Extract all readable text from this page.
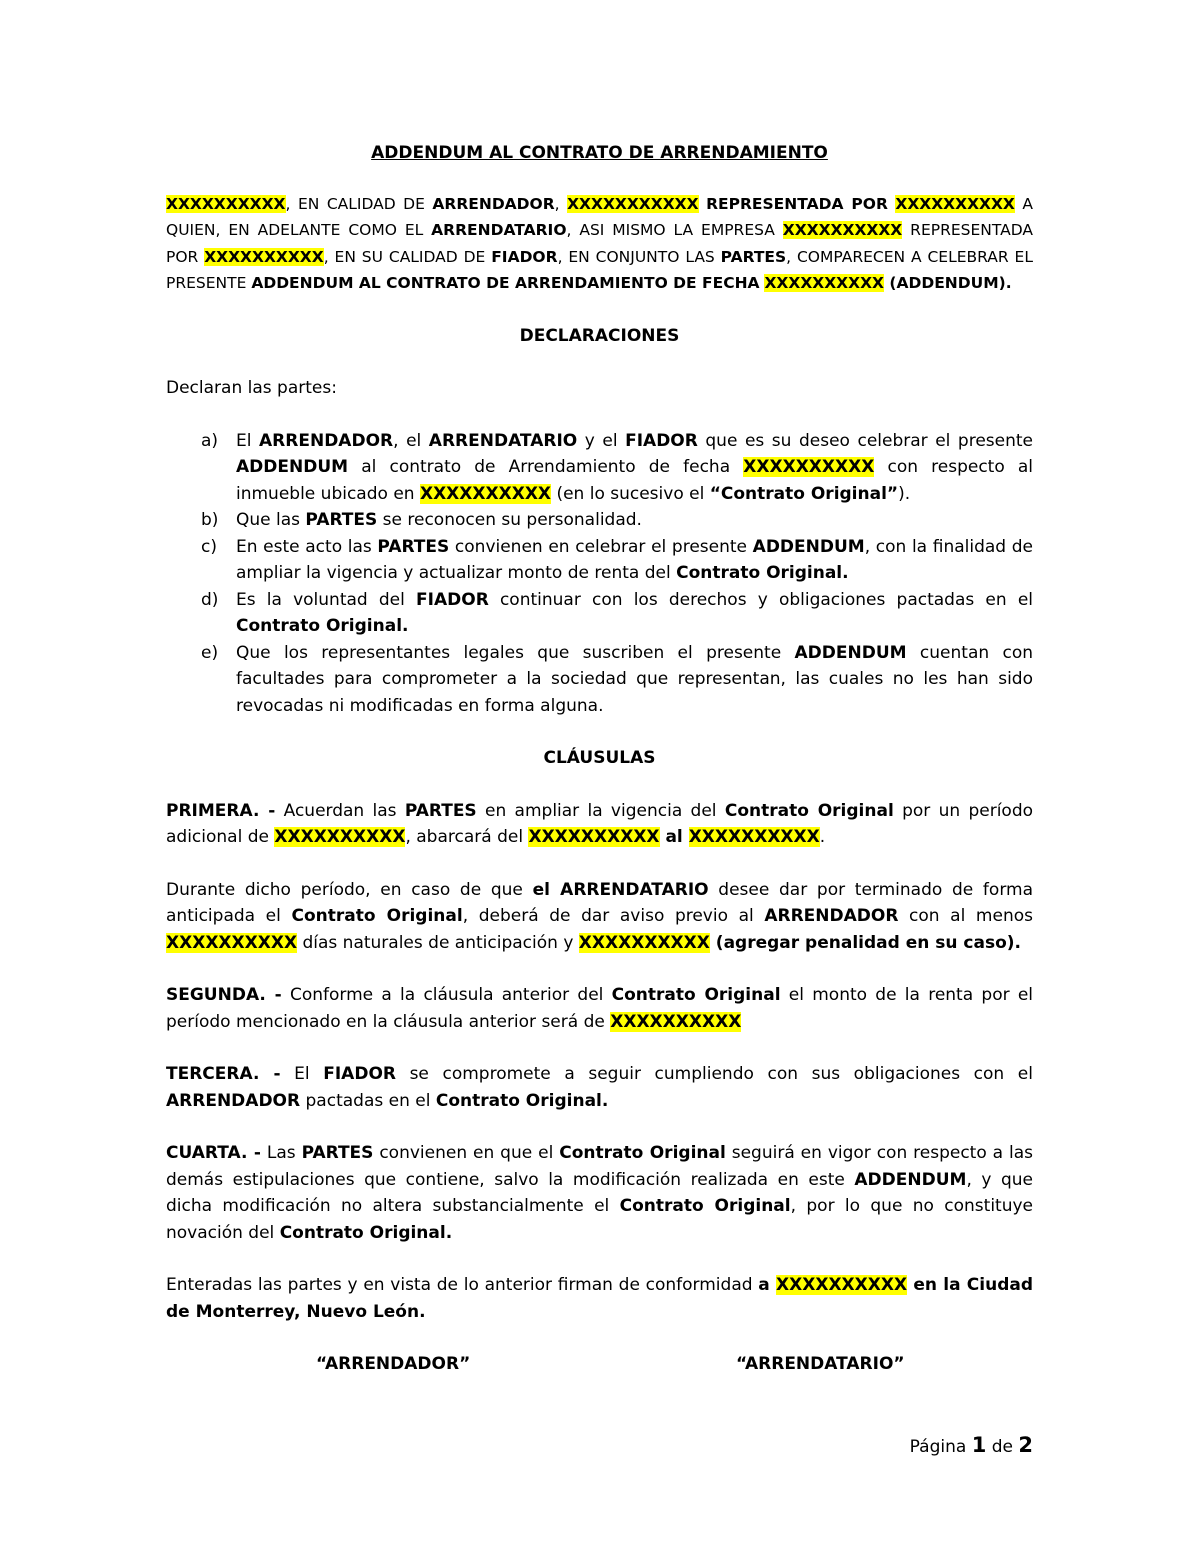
ADDENDUM AL CONTRATO DE ARRENDAMIENTO

XXXXXXXXXX, EN CALIDAD DE ARRENDADOR, XXXXXXXXXXX REPRESENTADA POR XXXXXXXXXX A QUIEN, EN ADELANTE COMO EL ARRENDATARIO, ASI MISMO LA EMPRESA XXXXXXXXXX REPRESENTADA POR XXXXXXXXXX, EN SU CALIDAD DE FIADOR, EN CONJUNTO LAS PARTES, COMPARECEN A CELEBRAR EL PRESENTE ADDENDUM AL CONTRATO DE ARRENDAMIENTO DE FECHA XXXXXXXXXX (ADDENDUM).

DECLARACIONES

Declaran las partes:

a) El ARRENDADOR, el ARRENDATARIO y el FIADOR que es su deseo celebrar el presente ADDENDUM al contrato de Arrendamiento de fecha XXXXXXXXXX con respecto al inmueble ubicado en XXXXXXXXXX (en lo sucesivo el “Contrato Original”).
b) Que las PARTES se reconocen su personalidad.
c) En este acto las PARTES convienen en celebrar el presente ADDENDUM, con la finalidad de ampliar la vigencia y actualizar monto de renta del Contrato Original.
d) Es la voluntad del FIADOR continuar con los derechos y obligaciones pactadas en el Contrato Original.
e) Que los representantes legales que suscriben el presente ADDENDUM cuentan con facultades para comprometer a la sociedad que representan, las cuales no les han sido revocadas ni modificadas en forma alguna.

CLÁUSULAS

PRIMERA. - Acuerdan las PARTES en ampliar la vigencia del Contrato Original por un período adicional de XXXXXXXXXX, abarcará del XXXXXXXXXX al XXXXXXXXXX.

Durante dicho período, en caso de que el ARRENDATARIO desee dar por terminado de forma anticipada el Contrato Original, deberá de dar aviso previo al ARRENDADOR con al menos XXXXXXXXXX días naturales de anticipación y XXXXXXXXXX (agregar penalidad en su caso).

SEGUNDA. - Conforme a la cláusula anterior del Contrato Original el monto de la renta por el período mencionado en la cláusula anterior será de XXXXXXXXXX

TERCERA. - El FIADOR se compromete a seguir cumpliendo con sus obligaciones con el ARRENDADOR pactadas en el Contrato Original.

CUARTA. - Las PARTES convienen en que el Contrato Original seguirá en vigor con respecto a las demás estipulaciones que contiene, salvo la modificación realizada en este ADDENDUM, y que dicha modificación no altera substancialmente el Contrato Original, por lo que no constituye novación del Contrato Original.

Enteradas las partes y en vista de lo anterior firman de conformidad a XXXXXXXXXX en la Ciudad de Monterrey, Nuevo León.

“ARRENDADOR”	“ARRENDATARIO”
Página 1 de 2
